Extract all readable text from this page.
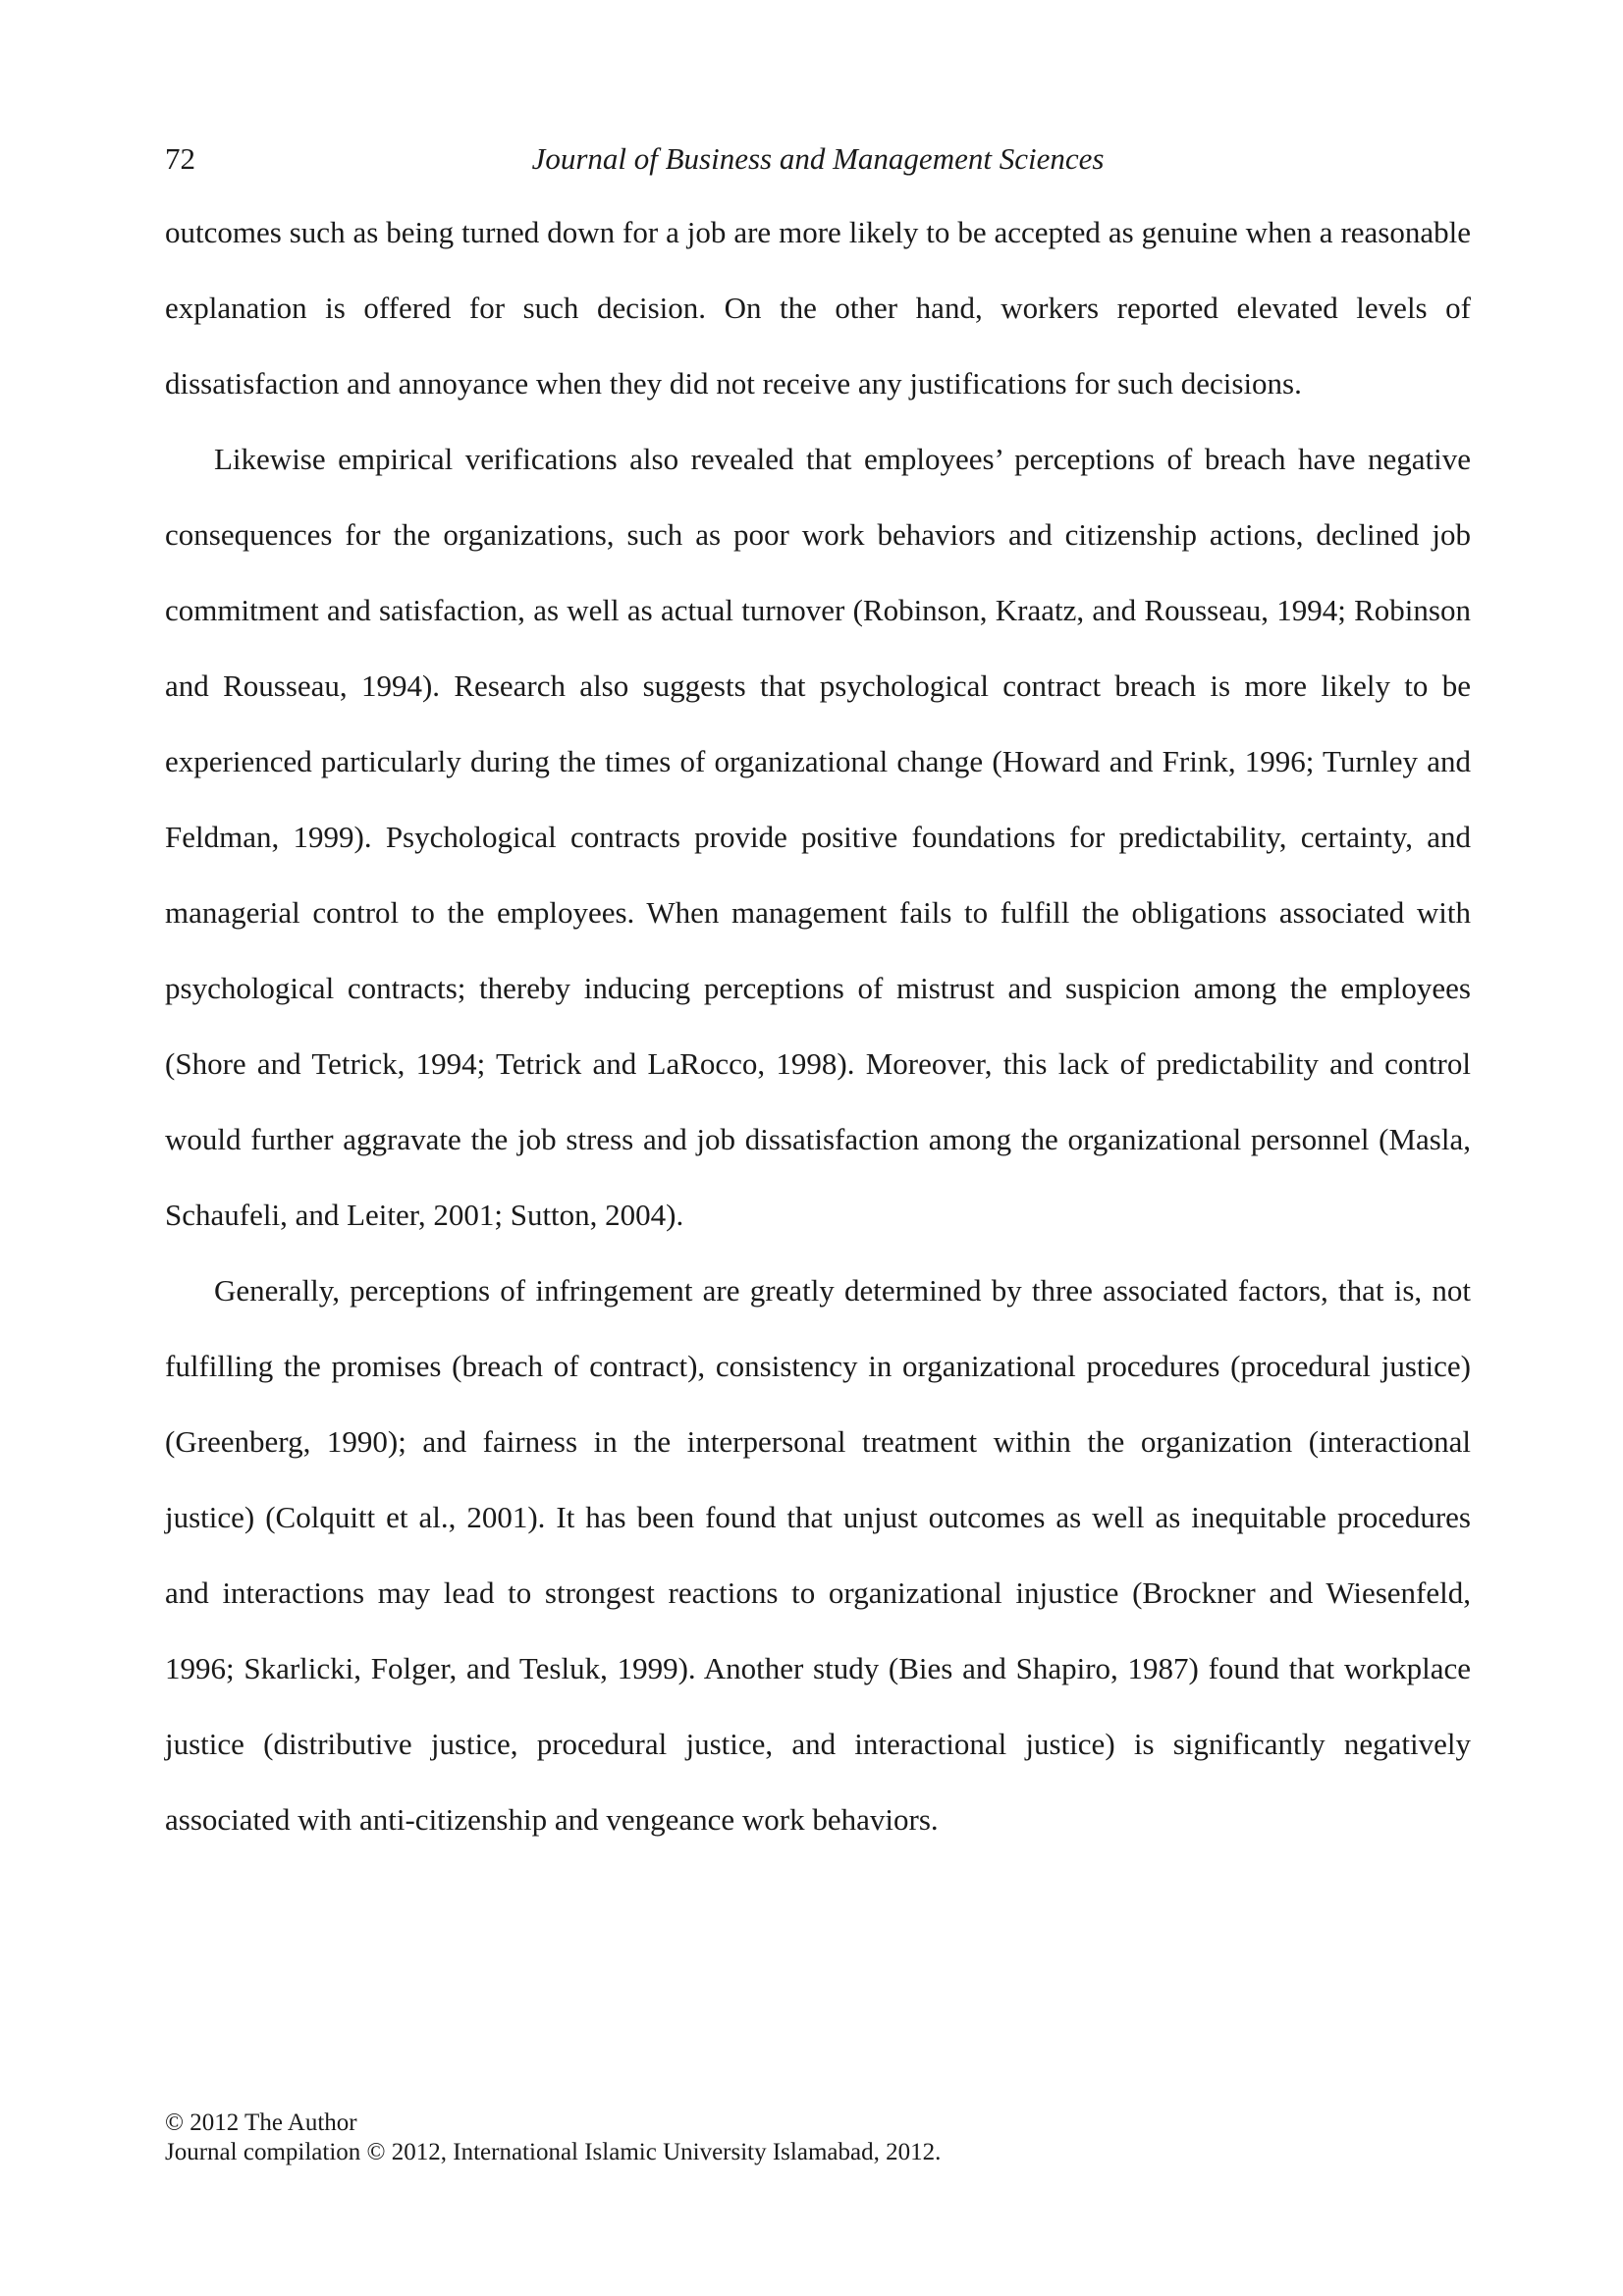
72	Journal of Business and Management Sciences

outcomes such as being turned down for a job are more likely to be accepted as genuine when a reasonable explanation is offered for such decision. On the other hand, workers reported elevated levels of dissatisfaction and annoyance when they did not receive any justifications for such decisions.

Likewise empirical verifications also revealed that employees’ perceptions of breach have negative consequences for the organizations, such as poor work behaviors and citizenship actions, declined job commitment and satisfaction, as well as actual turnover (Robinson, Kraatz, and Rousseau, 1994; Robinson and Rousseau, 1994). Research also suggests that psychological contract breach is more likely to be experienced particularly during the times of organizational change (Howard and Frink, 1996; Turnley and Feldman, 1999). Psychological contracts provide positive foundations for predictability, certainty, and managerial control to the employees. When management fails to fulfill the obligations associated with psychological contracts; thereby inducing perceptions of mistrust and suspicion among the employees (Shore and Tetrick, 1994; Tetrick and LaRocco, 1998). Moreover, this lack of predictability and control would further aggravate the job stress and job dissatisfaction among the organizational personnel (Masla, Schaufeli, and Leiter, 2001; Sutton, 2004).

Generally, perceptions of infringement are greatly determined by three associated factors, that is, not fulfilling the promises (breach of contract), consistency in organizational procedures (procedural justice) (Greenberg, 1990); and fairness in the interpersonal treatment within the organization (interactional justice) (Colquitt et al., 2001). It has been found that unjust outcomes as well as inequitable procedures and interactions may lead to strongest reactions to organizational injustice (Brockner and Wiesenfeld, 1996; Skarlicki, Folger, and Tesluk, 1999). Another study (Bies and Shapiro, 1987) found that workplace justice (distributive justice, procedural justice, and interactional justice) is significantly negatively associated with anti-citizenship and vengeance work behaviors.

© 2012 The Author
Journal compilation © 2012, International Islamic University Islamabad, 2012.
